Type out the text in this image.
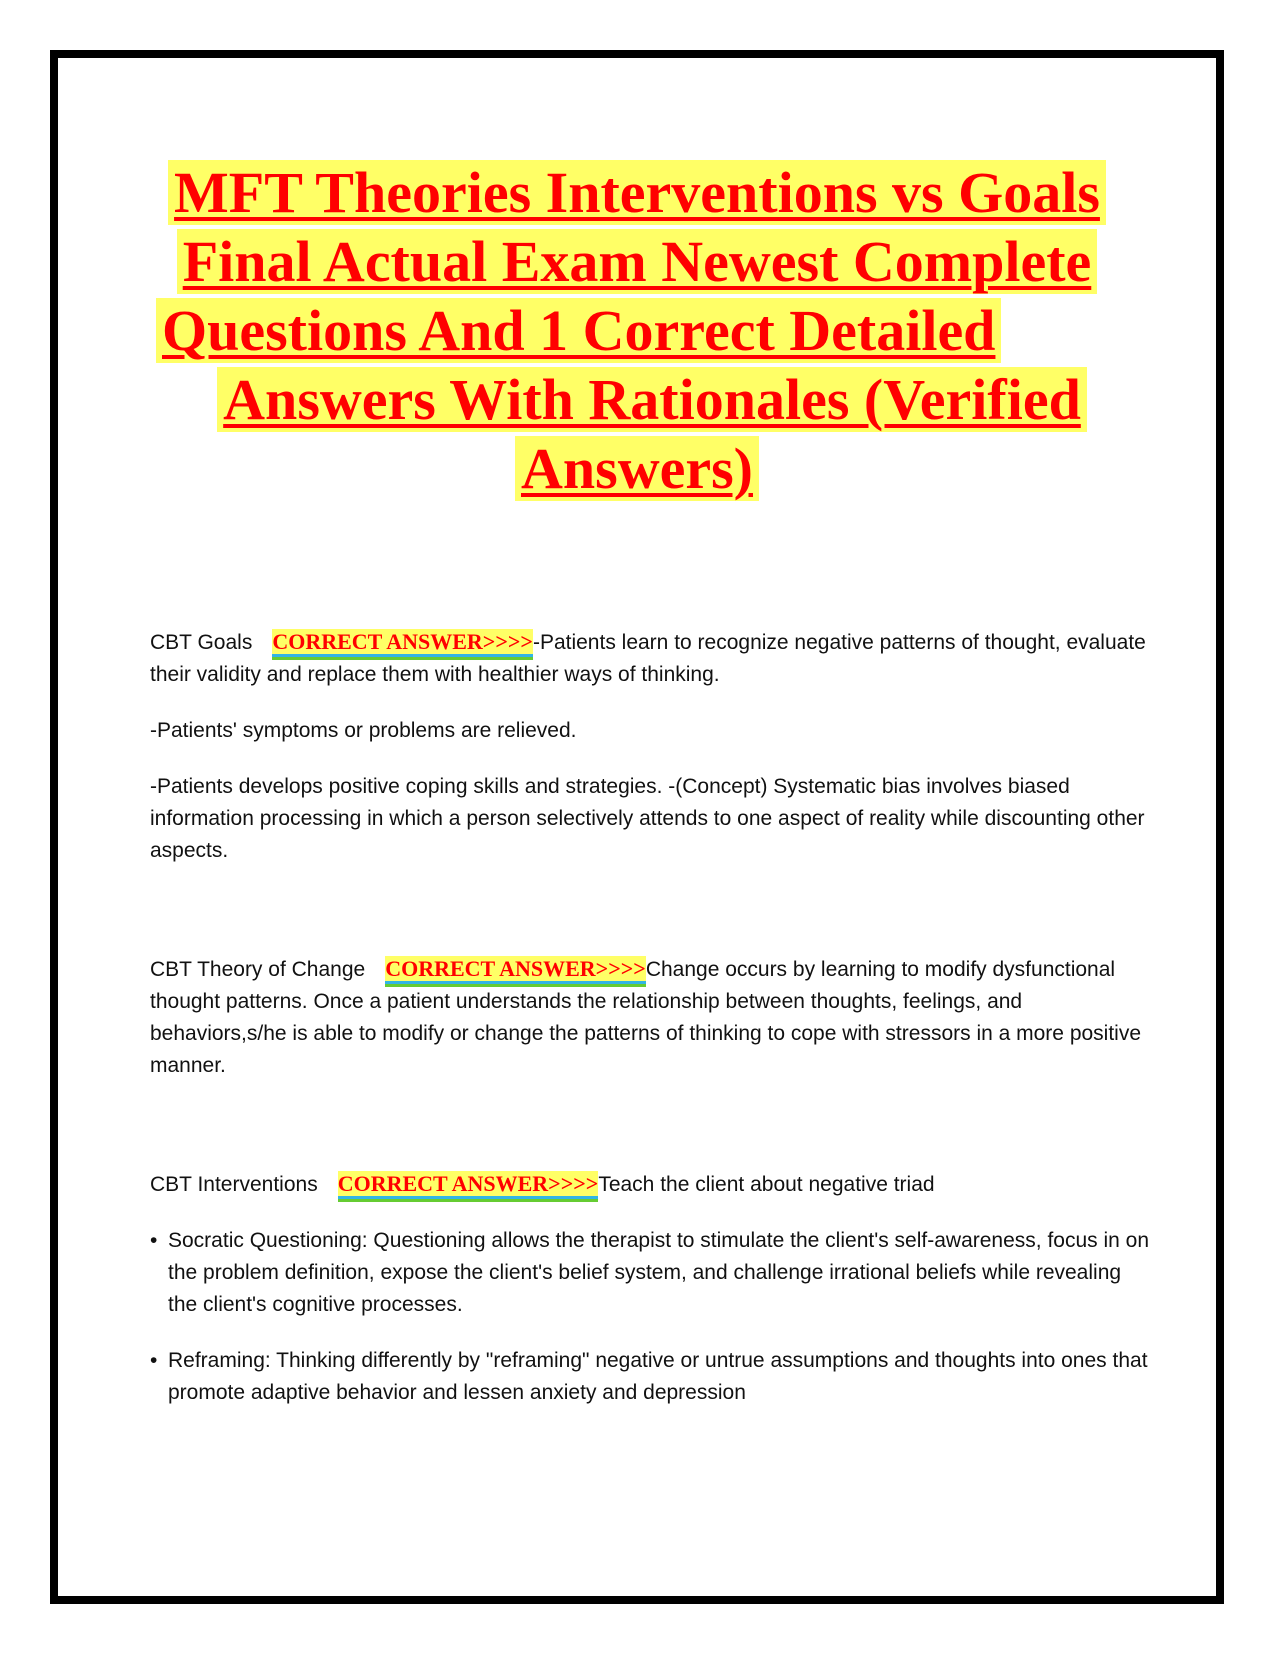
MFT Theories Interventions vs Goals
Final Actual Exam Newest Complete
Questions And 1 Correct Detailed
Answers With Rationales (Verified
Answers)

CBT Goals CORRECT ANSWER>>>>-Patients learn to recognize negative patterns of thought, evaluate their validity and replace them with healthier ways of thinking.

-Patients' symptoms or problems are relieved.

-Patients develops positive coping skills and strategies. -(Concept) Systematic bias involves biased information processing in which a person selectively attends to one aspect of reality while discounting other aspects.

CBT Theory of Change CORRECT ANSWER>>>>Change occurs by learning to modify dysfunctional thought patterns. Once a patient understands the relationship between thoughts, feelings, and behaviors,s/he is able to modify or change the patterns of thinking to cope with stressors in a more positive manner.

CBT Interventions CORRECT ANSWER>>>>Teach the client about negative triad

• Socratic Questioning: Questioning allows the therapist to stimulate the client's self-awareness, focus in on the problem definition, expose the client's belief system, and challenge irrational beliefs while revealing the client's cognitive processes.
• Reframing: Thinking differently by "reframing" negative or untrue assumptions and thoughts into ones that promote adaptive behavior and lessen anxiety and depression
